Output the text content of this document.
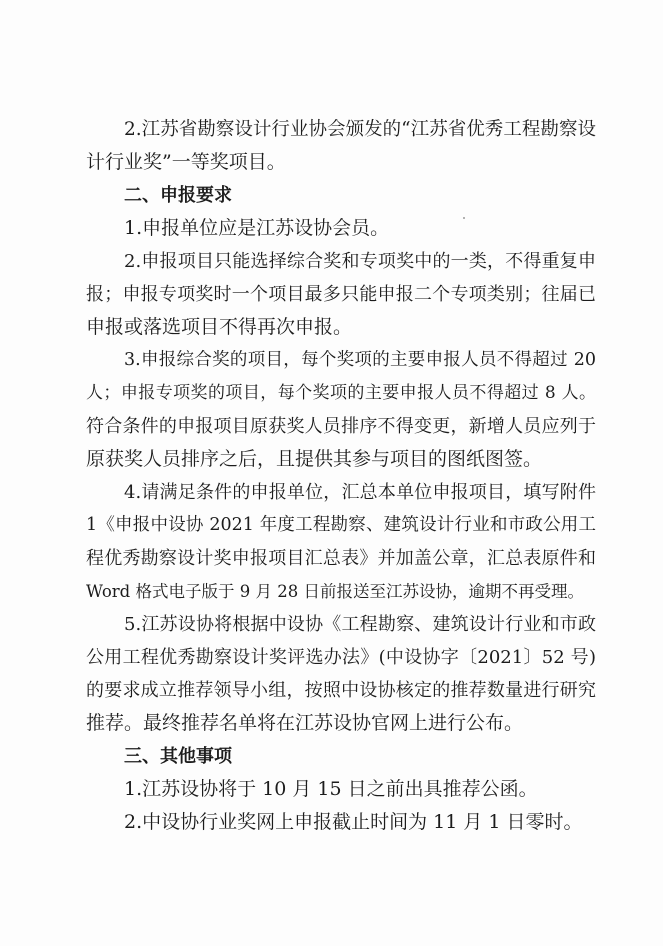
2.江苏省勘察设计行业协会颁发的“江苏省优秀工程勘察设
计行业奖”一等奖项目。
二、申报要求
1.申报单位应是江苏设协会员。
2.申报项目只能选择综合奖和专项奖中的一类，不得重复申
报；申报专项奖时一个项目最多只能申报二个专项类别；往届已
申报或落选项目不得再次申报。
3.申报综合奖的项目，每个奖项的主要申报人员不得超过 20
人；申报专项奖的项目，每个奖项的主要申报人员不得超过 8 人。
符合条件的申报项目原获奖人员排序不得变更，新增人员应列于
原获奖人员排序之后，且提供其参与项目的图纸图签。
4.请满足条件的申报单位，汇总本单位申报项目，填写附件
1《申报中设协 2021 年度工程勘察、建筑设计行业和市政公用工
程优秀勘察设计奖申报项目汇总表》并加盖公章，汇总表原件和
Word 格式电子版于 9 月 28 日前报送至江苏设协，逾期不再受理。
5.江苏设协将根据中设协《工程勘察、建筑设计行业和市政
公用工程优秀勘察设计奖评选办法》(中设协字〔2021〕52 号)
的要求成立推荐领导小组，按照中设协核定的推荐数量进行研究
推荐。最终推荐名单将在江苏设协官网上进行公布。
三、其他事项
1.江苏设协将于 10 月 15 日之前出具推荐公函。
2.中设协行业奖网上申报截止时间为 11 月 1 日零时。
